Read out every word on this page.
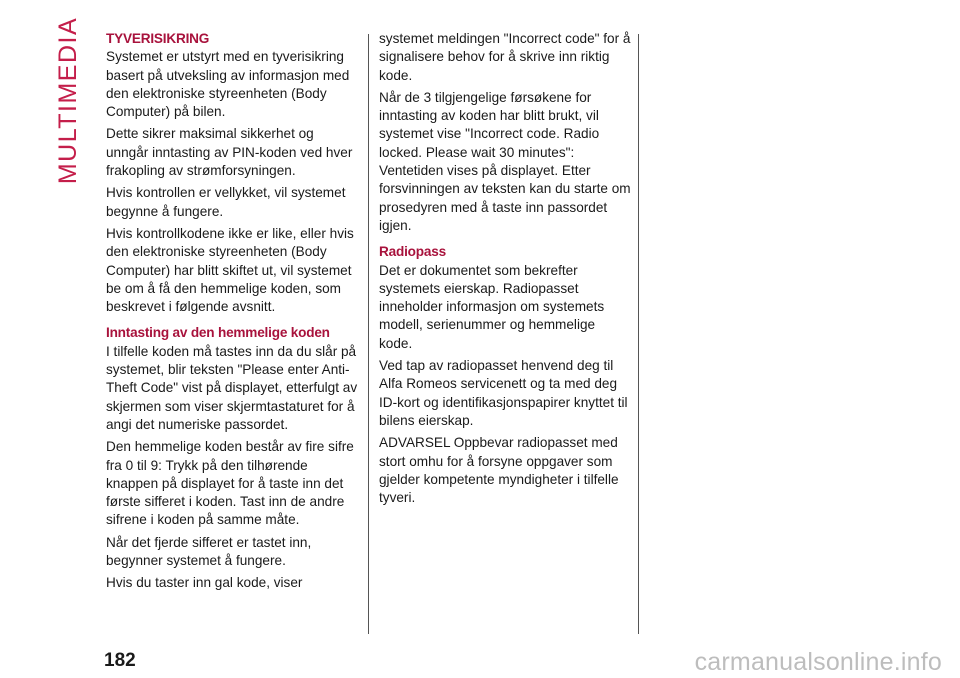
MULTIMEDIA TYVERISIKRING

Systemet er utstyrt med en tyverisikring basert på utveksling av informasjon med den elektroniske styreenheten (Body Computer) på bilen.

Dette sikrer maksimal sikkerhet og unngår inntasting av PIN-koden ved hver frakopling av strømforsyningen.

Hvis kontrollen er vellykket, vil systemet begynne å fungere.

Hvis kontrollkodene ikke er like, eller hvis den elektroniske styreenheten (Body Computer) har blitt skiftet ut, vil systemet be om å få den hemmelige koden, som beskrevet i følgende avsnitt.

Inntasting av den hemmelige koden

I tilfelle koden må tastes inn da du slår på systemet, blir teksten "Please enter Anti-Theft Code" vist på displayet, etterfulgt av skjermen som viser skjermtastaturet for å angi det numeriske passordet.

Den hemmelige koden består av fire sifre fra 0 til 9: Trykk på den tilhørende knappen på displayet for å taste inn det første sifferet i koden. Tast inn de andre sifrene i koden på samme måte.

Når det fjerde sifferet er tastet inn, begynner systemet å fungere.

Hvis du taster inn gal kode, viser

systemet meldingen "Incorrect code" for å signalisere behov for å skrive inn riktig kode.

Når de 3 tilgjengelige førsøkene for inntasting av koden har blitt brukt, vil systemet vise "Incorrect code. Radio locked. Please wait 30 minutes": Ventetiden vises på displayet. Etter forsvinningen av teksten kan du starte om prosedyren med å taste inn passordet igjen.

Radiopass

Det er dokumentet som bekrefter systemets eierskap. Radiopasset inneholder informasjon om systemets modell, serienummer og hemmelige kode.

Ved tap av radiopasset henvend deg til Alfa Romeos servicenett og ta med deg ID-kort og identifikasjonspapirer knyttet til bilens eierskap.

ADVARSEL Oppbevar radiopasset med stort omhu for å forsyne oppgaver som gjelder kompetente myndigheter i tilfelle tyveri.

182	carmanualsonline.info
